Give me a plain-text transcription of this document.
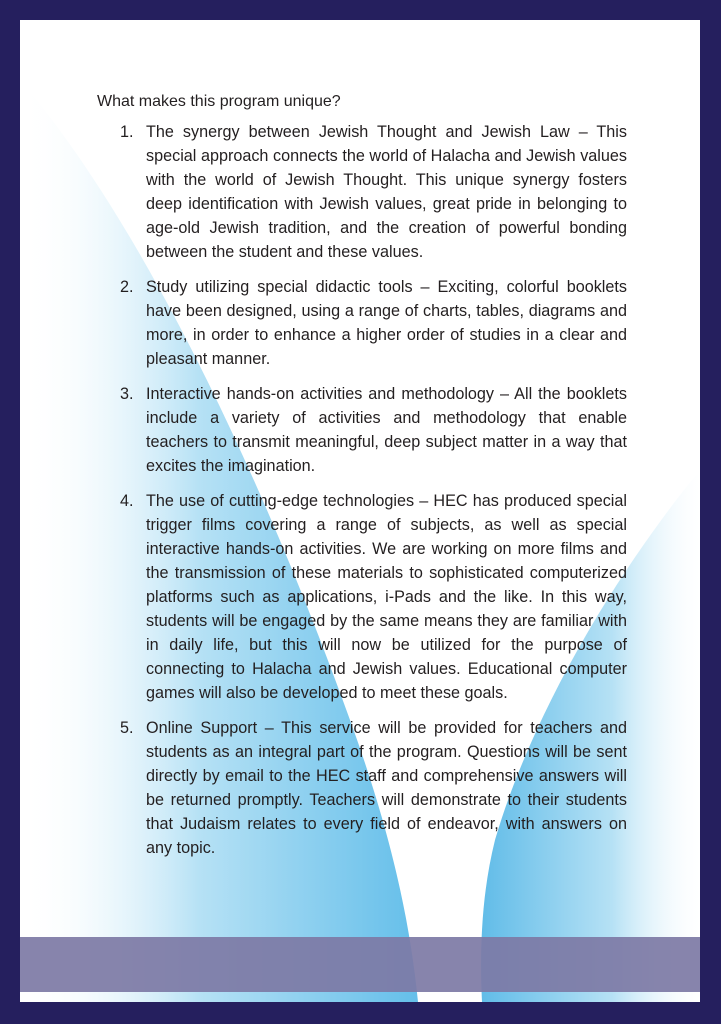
What makes this program unique?

1. The synergy between Jewish Thought and Jewish Law – This special approach connects the world of Halacha and Jewish values with the world of Jewish Thought. This unique synergy fosters deep identification with Jewish values, great pride in belonging to age-old Jewish tradition, and the creation of powerful bonding between the student and these values.
2. Study utilizing special didactic tools – Exciting, colorful booklets have been designed, using a range of charts, tables, diagrams and more, in order to enhance a higher order of studies in a clear and pleasant manner.
3. Interactive hands-on activities and methodology – All the booklets include a variety of activities and methodology that enable teachers to transmit meaningful, deep subject matter in a way that excites the imagination.
4. The use of cutting-edge technologies – HEC has produced special trigger films covering a range of subjects, as well as special interactive hands-on activities. We are working on more films and the transmission of these materials to sophisticated computerized platforms such as applications, i-Pads and the like. In this way, students will be engaged by the same means they are familiar with in daily life, but this will now be utilized for the purpose of connecting to Halacha and Jewish values. Educational computer games will also be developed to meet these goals.
5. Online Support – This service will be provided for teachers and students as an integral part of the program. Questions will be sent directly by email to the HEC staff and comprehensive answers will be returned promptly. Teachers will demonstrate to their students that Judaism relates to every field of endeavor, with answers on any topic.
